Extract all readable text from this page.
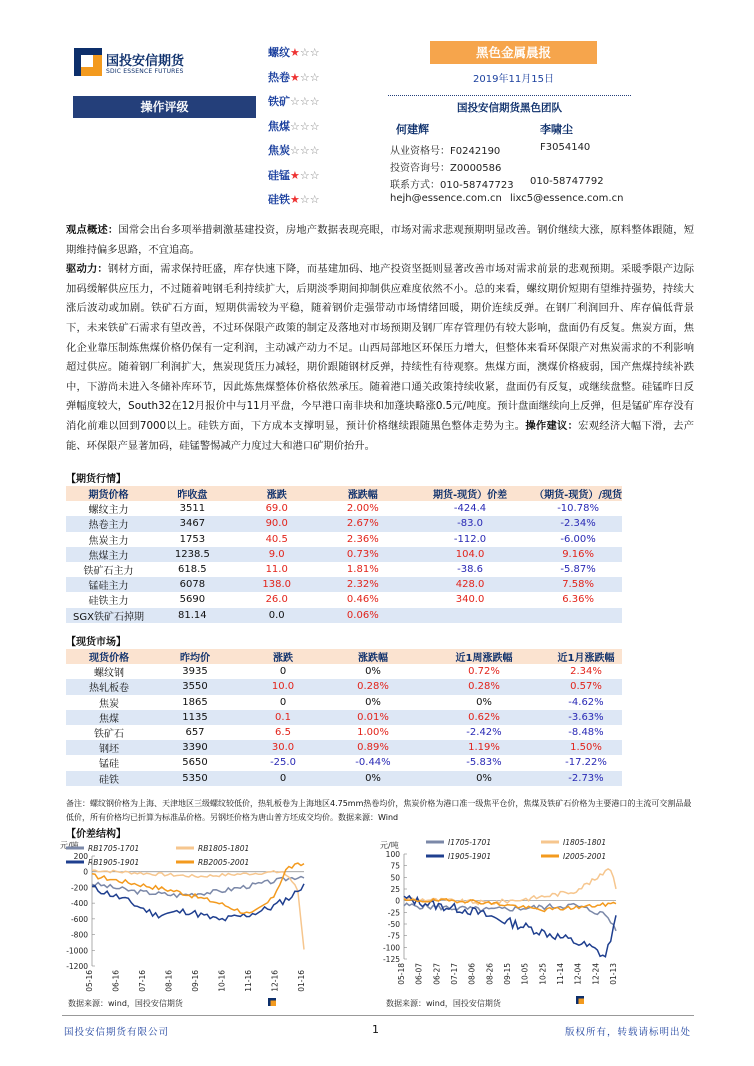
国投安信期货
SDIC ESSENCE FUTURES
操作评级
螺纹★☆☆
热卷★☆☆
铁矿☆☆☆
焦煤☆☆☆
焦炭☆☆☆
硅锰★☆☆
硅铁★☆☆
黑色金属晨报
2019年11月15日
国投安信期货黑色团队
何建辉	李啸尘
从业资格号：F0242190	F3054140
投资咨询号：Z0000586
联系方式：010-58747723 010-58747792
hejh@essence.com.cn lixc5@essence.com.cn
观点概述：国常会出台多项举措刺激基建投资，房地产数据表现亮眼，市场对需求悲观预期明显改善。钢价继续大涨，原料整体跟随，短期维持偏多思路，不宜追高。
驱动力：钢材方面，需求保持旺盛，库存快速下降，而基建加码、地产投资坚挺则显著改善市场对需求前景的悲观预期。采暖季限产边际加码缓解供应压力，不过随着吨钢毛利持续扩大，后期淡季期间抑制供应难度依然不小。总的来看，螺纹期价短期有望维持强势，持续大涨后波动或加剧。铁矿石方面，短期供需较为平稳，随着钢价走强带动市场情绪回暖，期价连续反弹。在钢厂利润回升、库存偏低背景下，未来铁矿石需求有望改善，不过环保限产政策的制定及落地对市场预期及钢厂库存管理仍有较大影响，盘面仍有反复。焦炭方面，焦化企业靠压制炼焦煤价格仍保有一定利润，主动减产动力不足。山西局部地区环保压力增大，但整体来看环保限产对焦炭需求的不利影响超过供应。随着钢厂利润扩大，焦炭现货压力减轻，期价跟随钢材反弹，持续性有待观察。焦煤方面，澳煤价格疲弱，国产焦煤持续补跌中，下游尚未进入冬储补库环节，因此炼焦煤整体价格依然承压。随着港口通关政策持续收紧，盘面仍有反复，或继续盘整。硅锰昨日反弹幅度较大，South32在12月报价中与11月平盘，今早港口南非块和加蓬块略涨0.5元/吨度。预计盘面继续向上反弹，但是锰矿库存没有消化前难以回到7000以上。硅铁方面，下方成本支撑明显，预计价格继续跟随黑色整体走势为主。操作建议：宏观经济大幅下滑，去产能、环保限产显著加码，硅锰警惕减产力度过大和港口矿期价抬升。
【期货行情】
期货价格	昨收盘	涨跌	涨跌幅	期货-现货）价差	（期货-现货）/现货
螺纹主力	3511	69.0	2.00%	-424.4	-10.78%
热卷主力	3467	90.0	2.67%	-83.0	-2.34%
焦炭主力	1753	40.5	2.36%	-112.0	-6.00%
焦煤主力	1238.5	9.0	0.73%	104.0	9.16%
铁矿石主力	618.5	11.0	1.81%	-38.6	-5.87%
锰硅主力	6078	138.0	2.32%	428.0	7.58%
硅铁主力	5690	26.0	0.46%	340.0	6.36%
SGX铁矿石掉期	81.14	0.0	0.06%		
【现货市场】
现货价格	昨均价	涨跌	涨跌幅	近1周涨跌幅	近1月涨跌幅
螺纹钢	3935	0	0%	0.72%	2.34%
热轧板卷	3550	10.0	0.28%	0.28%	0.57%
焦炭	1865	0	0%	0%	-4.62%
焦煤	1135	0.1	0.01%	0.62%	-3.63%
铁矿石	657	6.5	1.00%	-2.42%	-8.48%
钢坯	3390	30.0	0.89%	1.19%	1.50%
锰硅	5650	-25.0	-0.44%	-5.83%	-17.22%
硅铁	5350	0	0%	0%	-2.73%
备注：螺纹钢价格为上海、天津地区三级螺纹较低价，热轧板卷为上海地区4.75mm热卷均价，焦炭价格为港口准一级焦平仓价，焦煤及铁矿石价格为主要港口的主流可交割品最低价，所有价格均已折算为标准品价格。另钢坯价格为唐山普方坯成交均价。数据来源：Wind
【价差结构】
元/吨 RB1705-1701	RB1805-1801
RB1905-1901	RB2005-2001
200
0
-200
-400
-600
-800
-1000
-1200
05-16 06-16 07-16 08-16 09-16 10-16 11-16 12-16 01-16
数据来源：wind，国投安信期货
元/吨	I1705-1701	I1805-1801
I1905-1901	I2005-2001
100
75
50
25
0
-25
-50
-75
-100
-125
05-18 06-07 06-27 07-17 08-06 08-26 09-15 10-05 10-25 11-14 12-04 12-24 01-13
数据来源：wind，国投安信期货
国投安信期货有限公司	1	版权所有，转载请标明出处
